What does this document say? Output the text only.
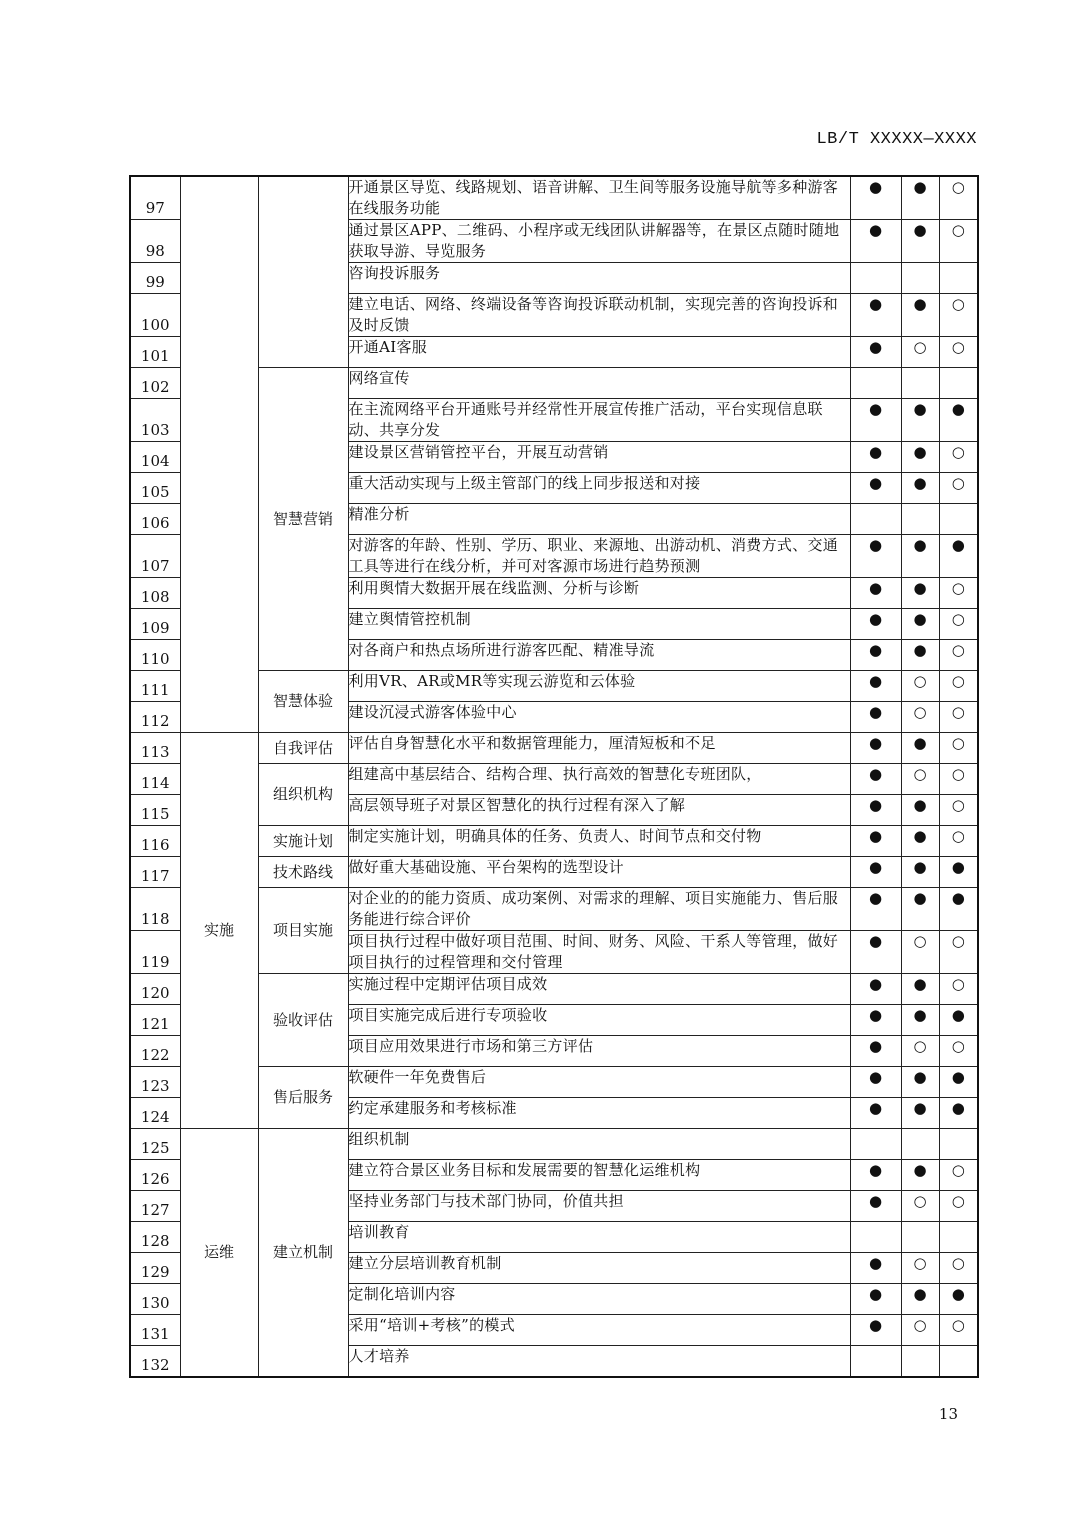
LB/T XXXXX—XXXX
97			开通景区导览、线路规划、语音讲解、卫生间等服务设施导航等多种游客在线服务功能	●	●	○
98			通过景区APP、二维码、小程序或无线团队讲解器等，在景区点随时随地获取导游、导览服务	●	●	○
99			咨询投诉服务			
100			建立电话、网络、终端设备等咨询投诉联动机制，实现完善的咨询投诉和及时反馈	●	●	○
101			开通AI客服	●	○	○
102		智慧营销	网络宣传			
103			在主流网络平台开通账号并经常性开展宣传推广活动，平台实现信息联动、共享分发	●	●	●
104			建设景区营销管控平台，开展互动营销	●	●	○
105			重大活动实现与上级主管部门的线上同步报送和对接	●	●	○
106			精准分析			
107			对游客的年龄、性别、学历、职业、来源地、出游动机、消费方式、交通工具等进行在线分析，并可对客源市场进行趋势预测	●	●	●
108			利用舆情大数据开展在线监测、分析与诊断	●	●	○
109			建立舆情管控机制	●	●	○
110			对各商户和热点场所进行游客匹配、精准导流	●	●	○
111		智慧体验	利用VR、AR或MR等实现云游览和云体验	●	○	○
112			建设沉浸式游客体验中心	●	○	○
113	实施	自我评估	评估自身智慧化水平和数据管理能力，厘清短板和不足	●	●	○
114		组织机构	组建高中基层结合、结构合理、执行高效的智慧化专班团队，	●	○	○
115			高层领导班子对景区智慧化的执行过程有深入了解	●	●	○
116		实施计划	制定实施计划，明确具体的任务、负责人、时间节点和交付物	●	●	○
117		技术路线	做好重大基础设施、平台架构的选型设计	●	●	●
118		项目实施	对企业的的能力资质、成功案例、对需求的理解、项目实施能力、售后服务能进行综合评价	●	●	●
119			项目执行过程中做好项目范围、时间、财务、风险、干系人等管理，做好项目执行的过程管理和交付管理	●	○	○
120		验收评估	实施过程中定期评估项目成效	●	●	○
121			项目实施完成后进行专项验收	●	●	●
122			项目应用效果进行市场和第三方评估	●	○	○
123		售后服务	软硬件一年免费售后	●	●	●
124			约定承建服务和考核标准	●	●	●
125	运维	建立机制	组织机制			
126			建立符合景区业务目标和发展需要的智慧化运维机构	●	●	○
127			坚持业务部门与技术部门协同，价值共担	●	○	○
128			培训教育			
129			建立分层培训教育机制	●	○	○
130			定制化培训内容	●	●	●
131			采用“培训+考核”的模式	●	○	○
132			人才培养			
13
